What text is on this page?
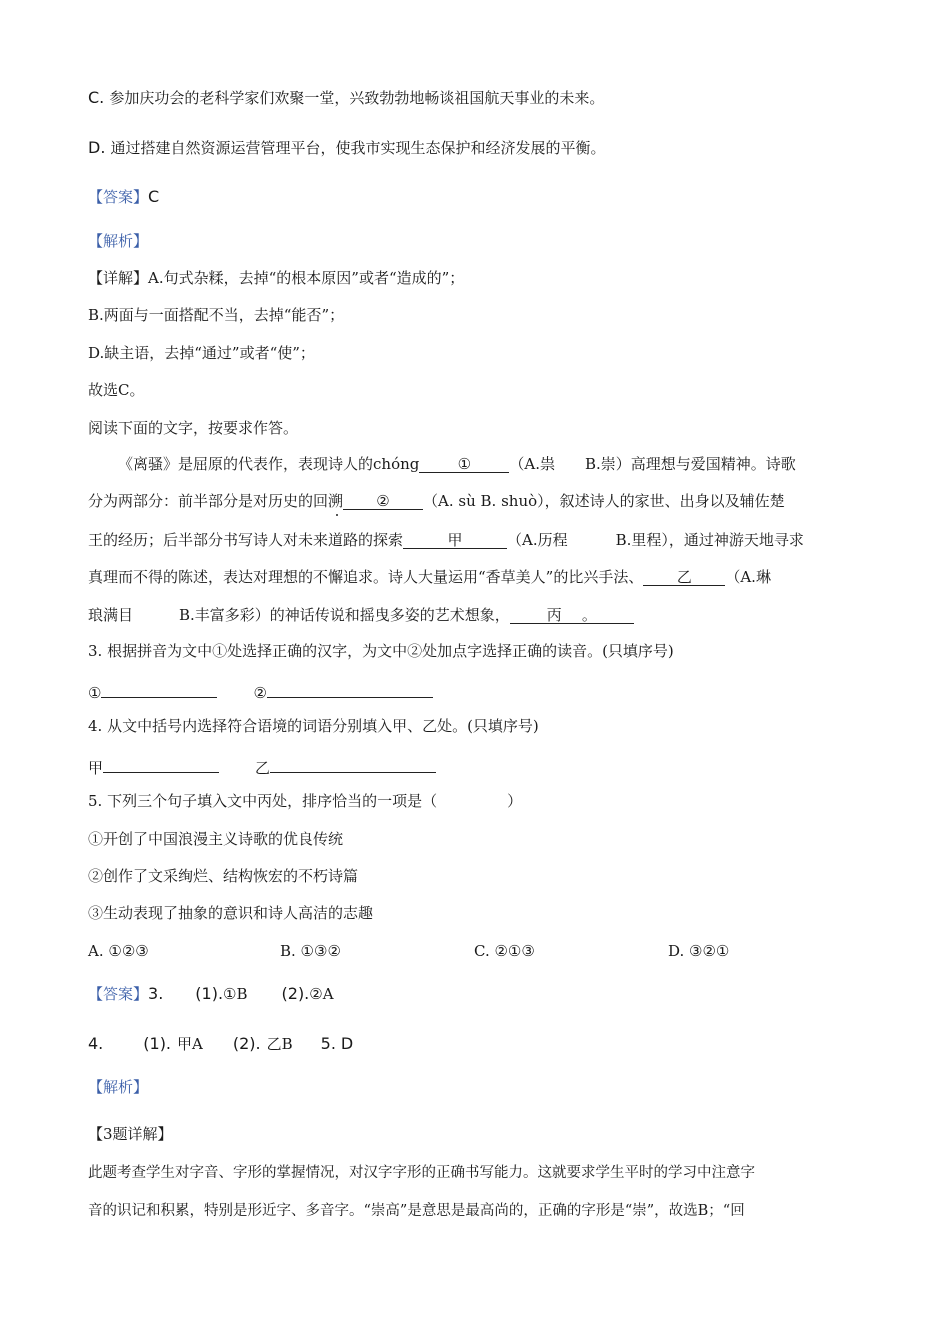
C. 参加庆功会的老科学家们欢聚一堂，兴致勃勃地畅谈祖国航天事业的未来。
D. 通过搭建自然资源运营管理平台，使我市实现生态保护和经济发展的平衡。
【答案】C
【解析】
【详解】A.句式杂糅，去掉“的根本原因”或者“造成的”；
B.两面与一面搭配不当，去掉“能否”；
D.缺主语，去掉“通过”或者“使”；
故选C。
阅读下面的文字，按要求作答。
《离骚》是屈原的代表作，表现诗人的chóng	①	（A.祟 B.崇）高理想与爱国精神。诗歌
分为两部分：前半部分是对历史的回溯 ② （A. sù B. shuò），叙述诗人的家世、出身以及辅佐楚
王的经历；后半部分书写诗人对未来道路的探索	甲	（A.历程	B.里程），通过神游天地寻求
真理而不得的陈述，表达对理想的不懈追求。诗人大量运用“香草美人”的比兴手法、 乙 （A.琳
琅满目	B.丰富多彩）的神话传说和摇曳多姿的艺术想象， 丙 。
3. 根据拼音为文中①处选择正确的汉字，为文中②处加点字选择正确的读音。(只填序号)
①	②
4. 从文中括号内选择符合语境的词语分别填入甲、乙处。(只填序号)
甲	乙
5. 下列三个句子填入文中丙处，排序恰当的一项是（	）
①开创了中国浪漫主义诗歌的优良传统
②创作了文采绚烂、结构恢宏的不朽诗篇
③生动表现了抽象的意识和诗人高洁的志趣
A. ①②③	B. ①③②	C. ②①③	D. ③②①
【答案】3. (1).①B (2).②A
4.	(1). 甲A (2). 乙B 5. D
【解析】
【3题详解】
此题考查学生对字音、字形的掌握情况，对汉字字形的正确书写能力。这就要求学生平时的学习中注意字
音的识记和积累，特别是形近字、多音字。“崇高”是意思是最高尚的，正确的字形是“崇”，故选B；“回
